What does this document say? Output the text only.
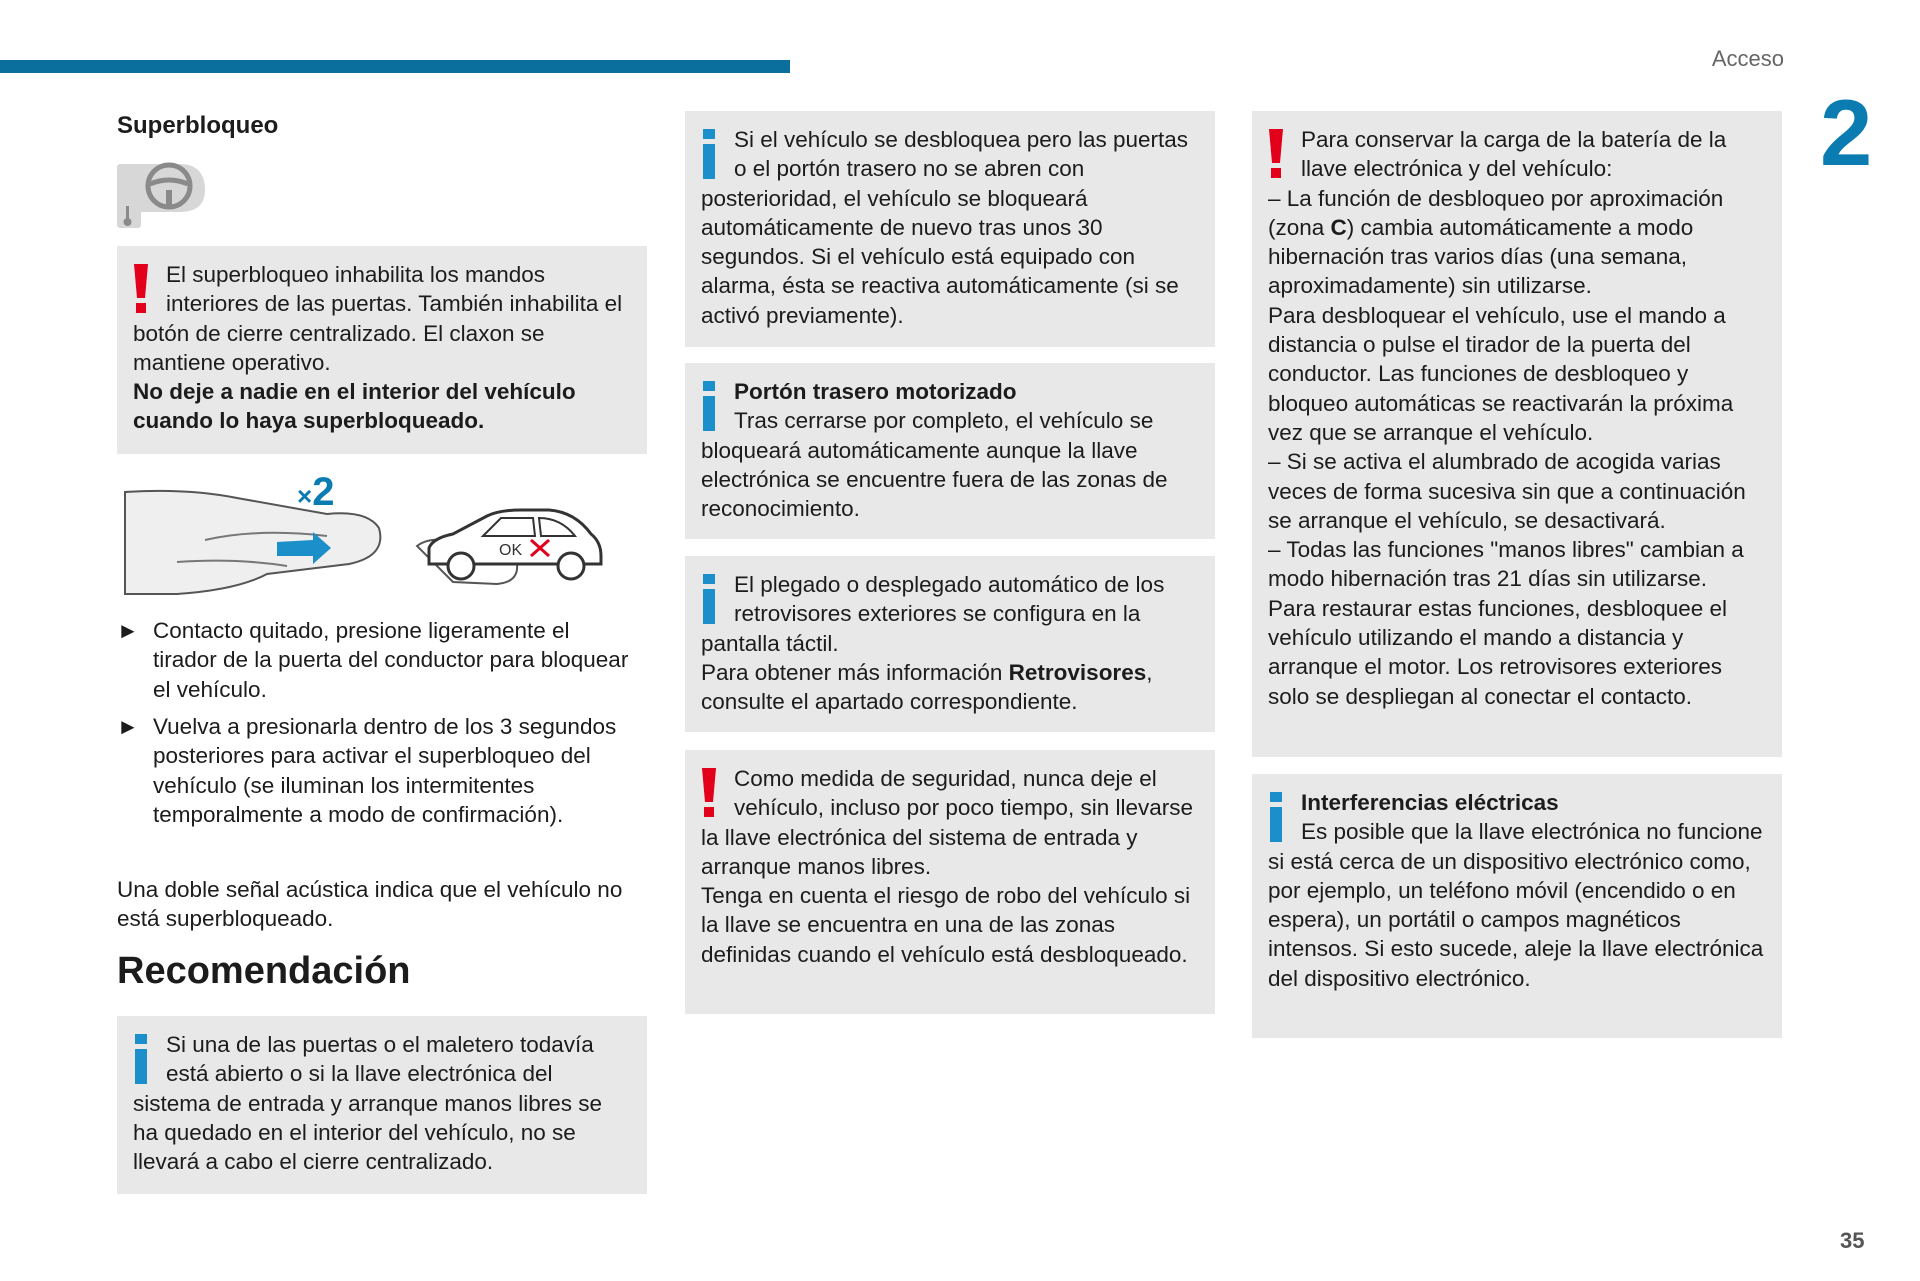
Acceso
2
35
Superbloqueo

El superbloqueo inhabilita los mandos interiores de las puertas. También inhabilita el botón de cierre centralizado. El claxon se mantiene operativo.

No deje a nadie en el interior del vehículo cuando lo haya superbloqueado.

×2
OK
► Contacto quitado, presione ligeramente el tirador de la puerta del conductor para bloquear el vehículo.
► Vuelva a presionarla dentro de los 3 segundos posteriores para activar el superbloqueo del vehículo (se iluminan los intermitentes temporalmente a modo de confirmación).

Una doble señal acústica indica que el vehículo no está superbloqueado.

Recomendación

Si una de las puertas o el maletero todavía está abierto o si la llave electrónica del sistema de entrada y arranque manos libres se ha quedado en el interior del vehículo, no se llevará a cabo el cierre centralizado.

Si el vehículo se desbloquea pero las puertas o el portón trasero no se abren con posterioridad, el vehículo se bloqueará automáticamente de nuevo tras unos 30 segundos. Si el vehículo está equipado con alarma, ésta se reactiva automáticamente (si se activó previamente).

Portón trasero motorizado

Tras cerrarse por completo, el vehículo se bloqueará automáticamente aunque la llave electrónica se encuentre fuera de las zonas de reconocimiento.

El plegado o desplegado automático de los retrovisores exteriores se configura en la pantalla táctil.

Para obtener más información Retrovisores, consulte el apartado correspondiente.

Como medida de seguridad, nunca deje el vehículo, incluso por poco tiempo, sin llevarse la llave electrónica del sistema de entrada y arranque manos libres.

Tenga en cuenta el riesgo de robo del vehículo si la llave se encuentra en una de las zonas definidas cuando el vehículo está desbloqueado.

Para conservar la carga de la batería de la llave electrónica y del vehículo:

– La función de desbloqueo por aproximación (zona C) cambia automáticamente a modo hibernación tras varios días (una semana, aproximadamente) sin utilizarse.

Para desbloquear el vehículo, use el mando a distancia o pulse el tirador de la puerta del conductor. Las funciones de desbloqueo y bloqueo automáticas se reactivarán la próxima vez que se arranque el vehículo.

– Si se activa el alumbrado de acogida varias veces de forma sucesiva sin que a continuación se arranque el vehículo, se desactivará.

– Todas las funciones "manos libres" cambian a modo hibernación tras 21 días sin utilizarse.

Para restaurar estas funciones, desbloquee el vehículo utilizando el mando a distancia y arranque el motor. Los retrovisores exteriores solo se despliegan al conectar el contacto.

Interferencias eléctricas

Es posible que la llave electrónica no funcione si está cerca de un dispositivo electrónico como, por ejemplo, un teléfono móvil (encendido o en espera), un portátil o campos magnéticos intensos. Si esto sucede, aleje la llave electrónica del dispositivo electrónico.
